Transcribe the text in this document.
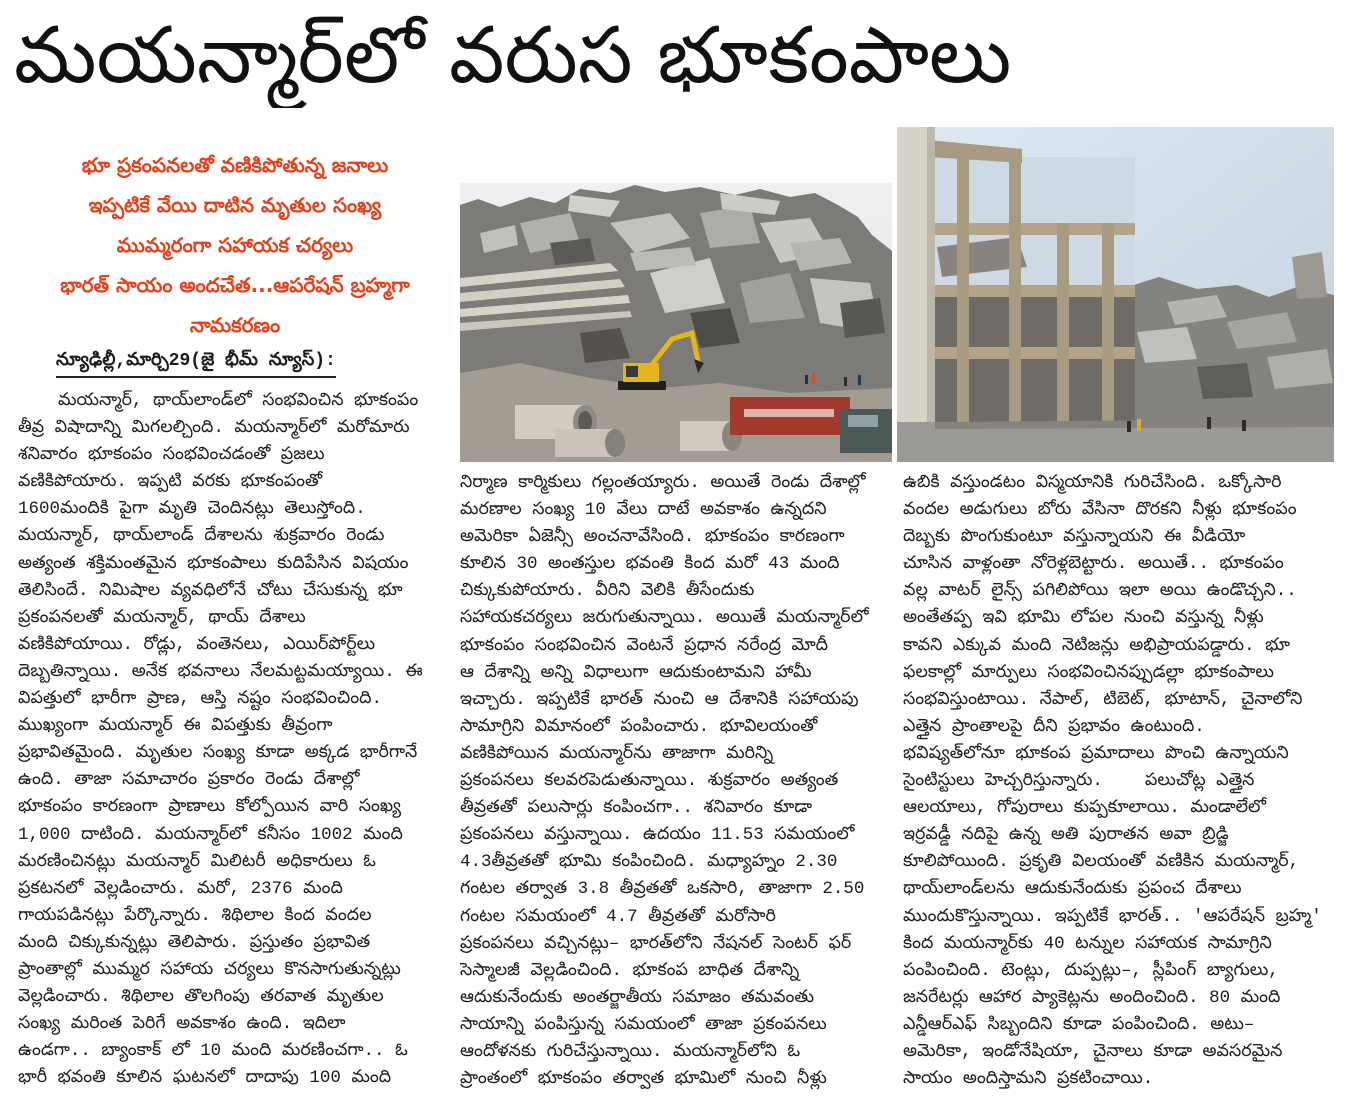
మయన్మార్‌లో వరుస భూకంపాలు
భూ ప్రకంపనలతో వణికిపోతున్న జనాలు
ఇప్పటికే వేయి దాటిన మృతుల సంఖ్య
ముమ్మరంగా సహాయక చర్యలు
భారత్ సాయం అందచేత...ఆపరేషన్ బ్రహ్మగా
నామకరణం
న్యూఢిల్లీ,మార్చి29(జై భీమ్ న్యూస్):
మయన్మార్, థాయ్‌లాండ్‌లో సంభవించిన భూకంపం
తీవ్ర విషాదాన్ని మిగలల్చింది. మయన్మార్‌లో మరోమారు
శనివారం భూకంపం సంభవించడంతో ప్రజలు
వణికిపోయారు. ఇప్పటి వరకు భూకంపంతో
1600మందికి పైగా మృతి చెందినట్లు తెలుస్తోంది.
మయన్మార్, థాయ్‌లాండ్ దేశాలను శుక్రవారం రెండు
అత్యంత శక్తిమంతమైన భూకంపాలు కుదిపేసిన విషయం
తెలిసిందే. నిమిషాల వ్యవధిలోనే చోటు చేసుకున్న భూ
ప్రకంపనలతో మయన్మార్, థాయ్ దేశాలు
వణికిపోయాయి. రోడ్లు, వంతెనలు, ఎయిర్‌పోర్ట్‌లు
దెబ్బతిన్నాయి. అనేక భవనాలు నేలమట్టమయ్యాయి. ఈ
విపత్తులో భారీగా ప్రాణ, ఆస్తి నష్టం సంభవించింది.
ముఖ్యంగా మయన్మార్ ఈ విపత్తుకు తీవ్రంగా
ప్రభావితమైంది. మృతుల సంఖ్య కూడా అక్కడ భారీగానే
ఉంది. తాజా సమాచారం ప్రకారం రెండు దేశాల్లో
భూకంపం కారణంగా ప్రాణాలు కోల్పోయిన వారి సంఖ్య
1,000 దాటింది. మయన్మార్‌లో కనీసం 1002 మంది
మరణించినట్లు మయన్మార్ మిలిటరీ అధికారులు ఓ
ప్రకటనలో వెల్లడించారు. మరో, 2376 మంది
గాయపడినట్లు పేర్కొన్నారు. శిథిలాల కింద వందల
మంది చిక్కుకున్నట్లు తెలిపారు. ప్రస్తుతం ప్రభావిత
ప్రాంతాల్లో ముమ్మర సహాయ చర్యలు కొనసాగుతున్నట్లు
వెల్లడించారు. శిథిలాల తొలగింపు తరవాత మృతుల
సంఖ్య మరింత పెరిగే అవకాశం ఉంది. ఇదిలా
ఉండగా.. బ్యాంకాక్ లో 10 మంది మరణించగా.. ఓ
భారీ భవంతి కూలిన ఘటనలో దాదాపు 100 మంది
నిర్మాణ కార్మికులు గల్లంతయ్యారు. అయితే రెండు దేశాల్లో
మరణాల సంఖ్య 10 వేలు దాటే అవకాశం ఉన్నదని
అమెరికా ఏజెన్సీ అంచనావేసింది. భూకంపం కారణంగా
కూలిన 30 అంతస్తుల భవంతి కింద మరో 43 మంది
చిక్కుకుపోయారు. వీరిని వెలికి తీసేందుకు
సహాయకచర్యలు జరుగుతున్నాయి. అయితే మయన్మార్‌లో
భూకంపం సంభవించిన వెంటనే ప్రధాన నరేంద్ర మోదీ
ఆ దేశాన్ని అన్ని విధాలుగా ఆదుకుంటామని హామీ
ఇచ్చారు. ఇప్పటికే భారత్ నుంచి ఆ దేశానికి సహాయపు
సామాగ్రిని విమానంలో పంపించారు. భూవిలయంతో
వణికిపోయిన మయన్మార్‌ను తాజాగా మరిన్ని
ప్రకంపనలు కలవరపెడుతున్నాయి. శుక్రవారం అత్యంత
తీవ్రతతో పలుసార్లు కంపించగా.. శనివారం కూడా
ప్రకంపనలు వస్తున్నాయి. ఉదయం 11.53 సమయంలో
4.3తీవ్రతతో భూమి కంపించింది. మధ్యాహ్నం 2.30
గంటల తర్వాత 3.8 తీవ్రతతో ఒకసారి, తాజాగా 2.50
గంటల సమయంలో 4.7 తీవ్రతతో మరోసారి
ప్రకంపనలు వచ్చినట్లు– భారత్‌లోని నేషనల్ సెంటర్ ఫర్
సెస్మాలజీ వెల్లడించింది. భూకంప బాధిత దేశాన్ని
ఆదుకునేందుకు అంతర్జాతీయ సమాజం తమవంతు
సాయాన్ని పంపిస్తున్న సమయంలో తాజా ప్రకంపనలు
ఆందోళనకు గురిచేస్తున్నాయి. మయన్మార్‌లోని ఓ
ప్రాంతంలో భూకంపం తర్వాత భూమిలో నుంచి నీళ్లు
ఉబికి వస్తుండటం విస్మయానికి గురిచేసింది. ఒక్కోసారి
వందల అడుగులు బోరు వేసినా దొరకని నీళ్లు భూకంపం
దెబ్బకు పొంగుకుంటూ వస్తున్నాయని ఈ వీడియో
చూసిన వాళ్లంతా నోరెళ్లబెట్టారు. అయితే.. భూకంపం
వల్ల వాటర్ లైన్స్ పగిలిపోయి ఇలా అయి ఉండొచ్చని..
అంతేతప్ప ఇవి భూమి లోపల నుంచి వస్తున్న నీళ్లు
కావని ఎక్కువ మంది నెటిజన్లు అభిప్రాయపడ్డారు. భూ
ఫలకాల్లో మార్పులు సంభవించినప్పుడల్లా భూకంపాలు
సంభవిస్తుంటాయి. నేపాల్, టిబెట్, భూటాన్, చైనాలోని
ఎత్తైన ప్రాంతాలపై దీని ప్రభావం ఉంటుంది.
భవిష్యత్‌లోనూ భూకంప ప్రమాదాలు పొంచి ఉన్నాయని
సైంటిస్టులు హెచ్చరిస్తున్నారు.    పలుచోట్ల ఎత్తైన
ఆలయాలు, గోపురాలు కుప్పకూలాయి. మండాలేలో
ఇర్రవడ్డీ నదిపై ఉన్న అతి పురాతన అవా బ్రిడ్జి
కూలిపోయింది. ప్రకృతి విలయంతో వణికిన మయన్మార్,
థాయ్‌లాండ్‌లను ఆదుకునేందుకు ప్రపంచ దేశాలు
ముందుకొస్తున్నాయి. ఇప్పటికే భారత్.. 'ఆపరేషన్ బ్రహ్మ'
కింద మయన్మార్‌కు 40 టన్నుల సహాయక సామాగ్రిని
పంపించింది. టెంట్లు, దుప్పట్లు–, స్లీపింగ్ బ్యాగులు,
జనరేటర్లు ఆహార ప్యాకెట్లను అందించింది. 80 మంది
ఎన్డీఆర్ఎఫ్ సిబ్బందిని కూడా పంపించింది. అటు–
అమెరికా, ఇండోనేషియా, చైనాలు కూడా అవసరమైన
సాయం అందిస్తామని ప్రకటించాయి.
